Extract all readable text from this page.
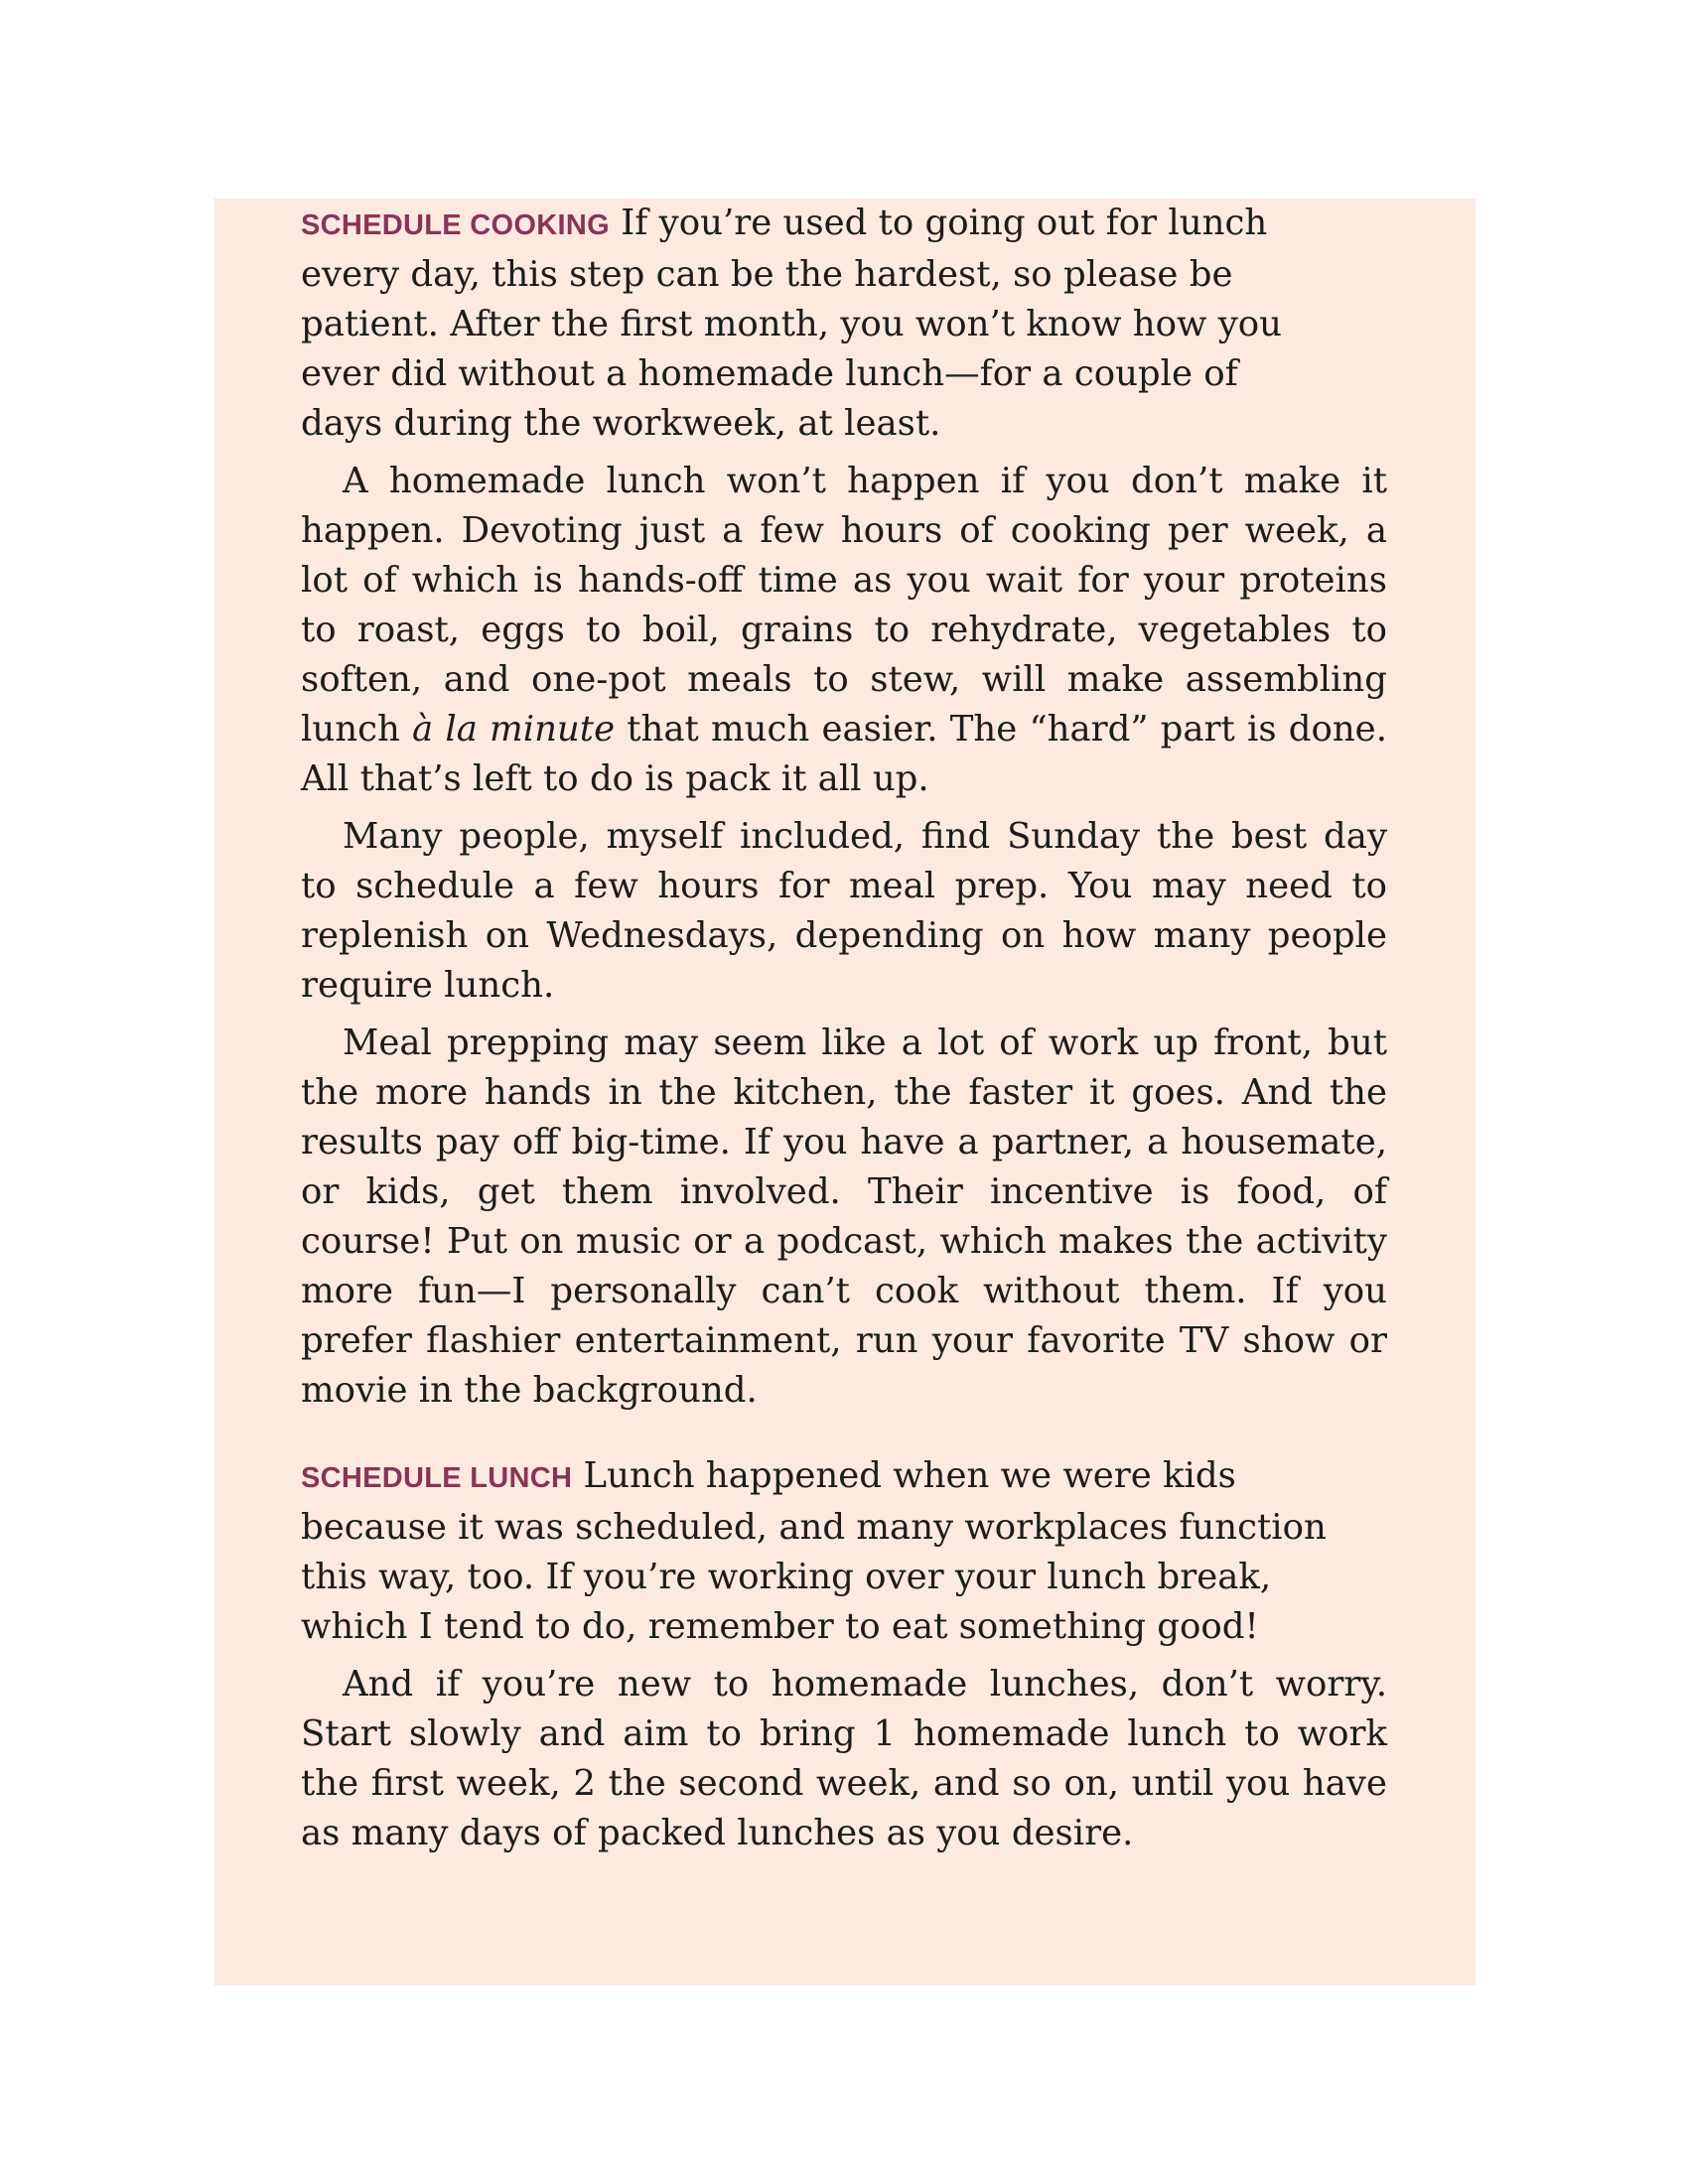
SCHEDULE COOKING If you’re used to going out for lunch every day, this step can be the hardest, so please be patient. After the first month, you won’t know how you ever did without a homemade lunch—for a couple of days during the workweek, at least.

A homemade lunch won’t happen if you don’t make it happen. Devoting just a few hours of cooking per week, a lot of which is hands-off time as you wait for your proteins to roast, eggs to boil, grains to rehydrate, vegetables to soften, and one-pot meals to stew, will make assembling lunch à la minute that much easier. The “hard” part is done. All that’s left to do is pack it all up.

Many people, myself included, find Sunday the best day to schedule a few hours for meal prep. You may need to replenish on Wednesdays, depending on how many people require lunch.

Meal prepping may seem like a lot of work up front, but the more hands in the kitchen, the faster it goes. And the results pay off big-time. If you have a partner, a housemate, or kids, get them involved. Their incentive is food, of course! Put on music or a podcast, which makes the activity more fun—I personally can’t cook without them. If you prefer flashier entertainment, run your favorite TV show or movie in the background.

SCHEDULE LUNCH Lunch happened when we were kids because it was scheduled, and many workplaces function this way, too. If you’re working over your lunch break, which I tend to do, remember to eat something good!

And if you’re new to homemade lunches, don’t worry. Start slowly and aim to bring 1 homemade lunch to work the first week, 2 the second week, and so on, until you have as many days of packed lunches as you desire.
